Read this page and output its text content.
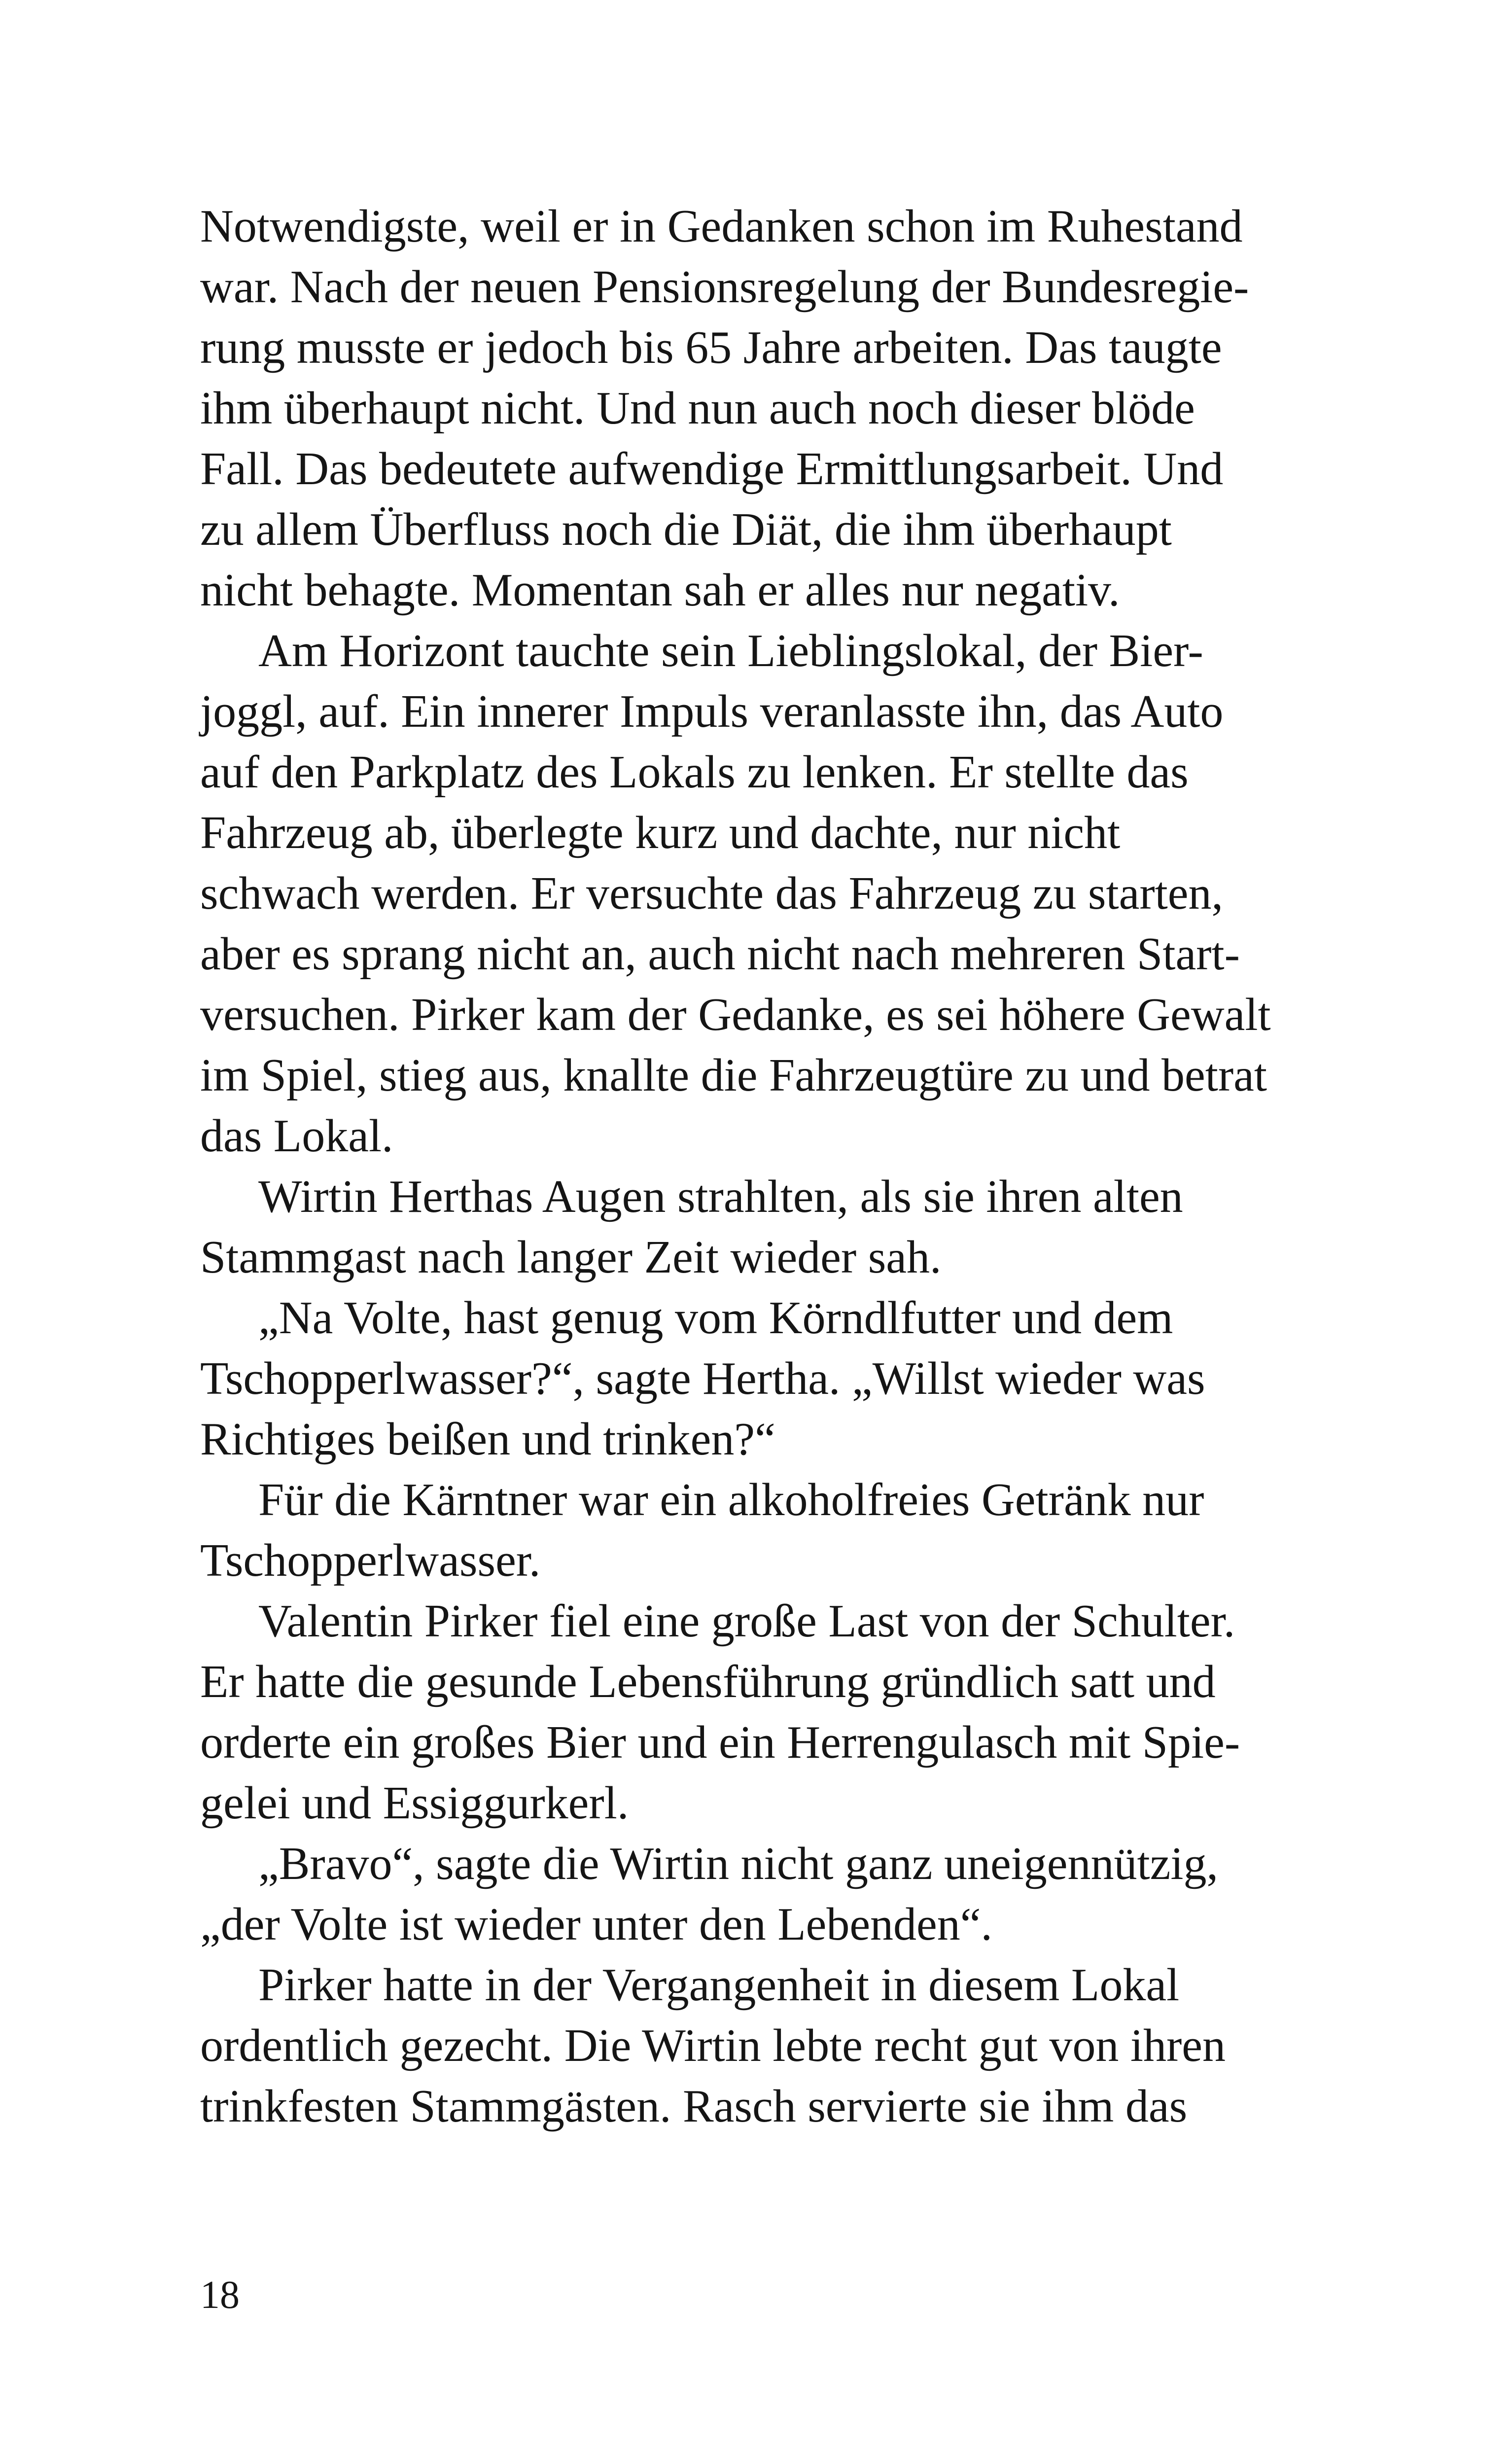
Notwendigste, weil er in Gedanken schon im Ruhestand
war. Nach der neuen Pensionsregelung der Bundesregie-
rung musste er jedoch bis 65 Jahre arbeiten. Das taugte
ihm überhaupt nicht. Und nun auch noch dieser blöde
Fall. Das bedeutete aufwendige Ermittlungsarbeit. Und
zu allem Überfluss noch die Diät, die ihm überhaupt
nicht behagte. Momentan sah er alles nur negativ.
Am Horizont tauchte sein Lieblingslokal, der Bier-
joggl, auf. Ein innerer Impuls veranlasste ihn, das Auto
auf den Parkplatz des Lokals zu lenken. Er stellte das
Fahrzeug ab, überlegte kurz und dachte, nur nicht
schwach werden. Er versuchte das Fahrzeug zu starten,
aber es sprang nicht an, auch nicht nach mehreren Start-
versuchen. Pirker kam der Gedanke, es sei höhere Gewalt
im Spiel, stieg aus, knallte die Fahrzeugtüre zu und betrat
das Lokal.
Wirtin Herthas Augen strahlten, als sie ihren alten
Stammgast nach langer Zeit wieder sah.
„Na Volte, hast genug vom Körndlfutter und dem
Tschopperlwasser?“, sagte Hertha. „Willst wieder was
Richtiges beißen und trinken?“
Für die Kärntner war ein alkoholfreies Getränk nur
Tschopperlwasser.
Valentin Pirker fiel eine große Last von der Schulter.
Er hatte die gesunde Lebensführung gründlich satt und
orderte ein großes Bier und ein Herrengulasch mit Spie-
gelei und Essiggurkerl.
„Bravo“, sagte die Wirtin nicht ganz uneigennützig,
„der Volte ist wieder unter den Lebenden“.
Pirker hatte in der Vergangenheit in diesem Lokal
ordentlich gezecht. Die Wirtin lebte recht gut von ihren
trinkfesten Stammgästen. Rasch servierte sie ihm das
18
